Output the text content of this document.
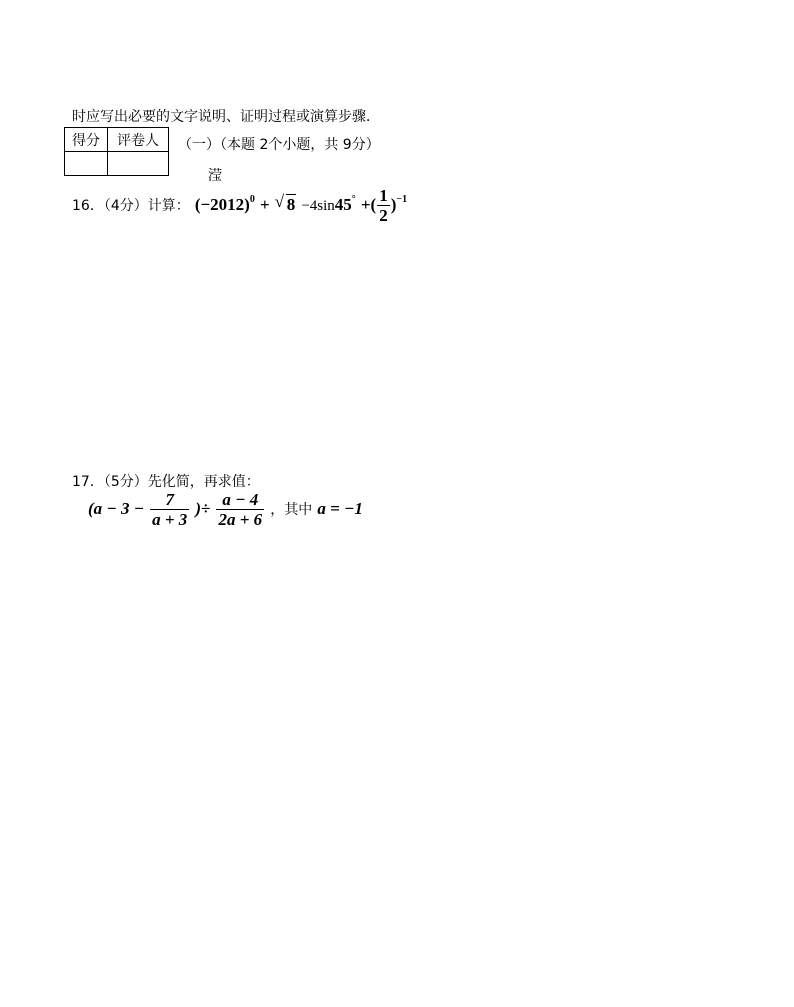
时应写出必要的文字说明、证明过程或演算步骤．
得分	评卷人
	（一）（本题 2个小题，共 9分）
滢
16．（4分）计算： $(-2012)^0$ + √ 8 −4sin45° +( $\frac{1}{2} )^{-1}$
17．（5分）先化简，再求值：
($a - 3 - \frac{7}{a + 3}$ )÷ $\frac{a - 4}{2a + 6}$ ，其中 a = −1
